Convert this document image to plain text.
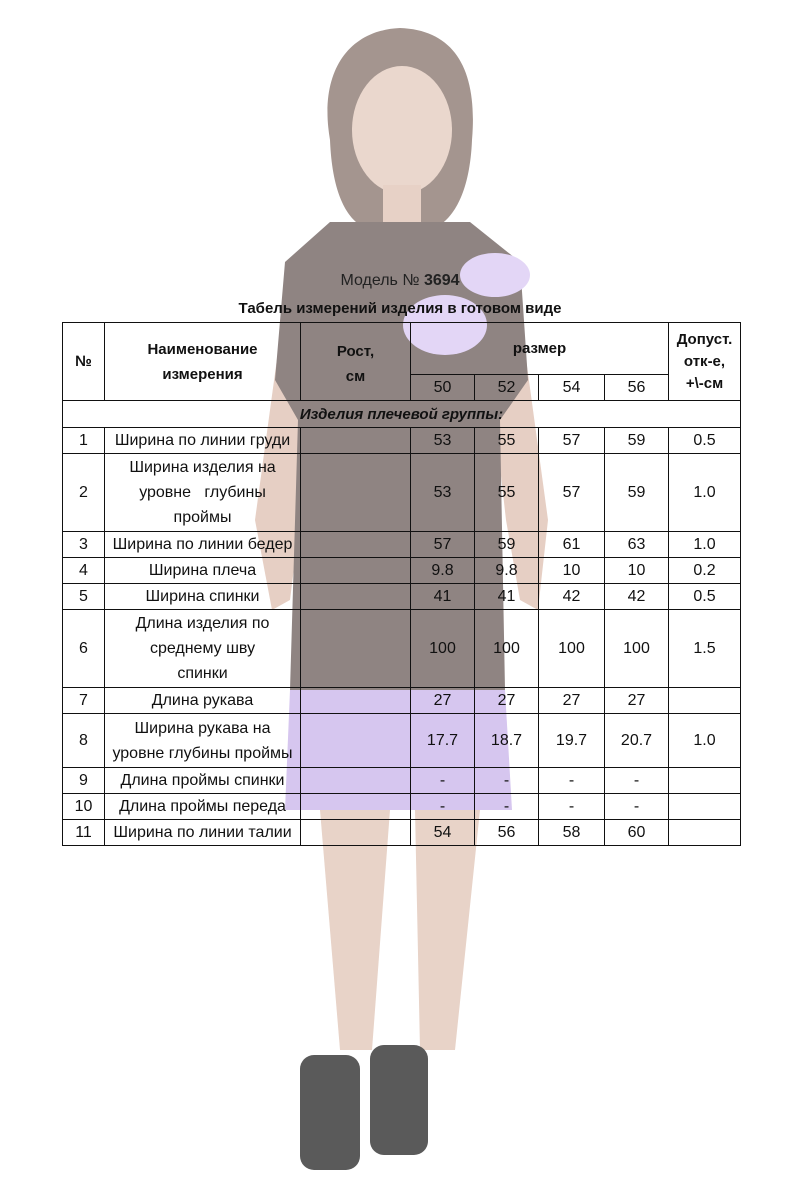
Модель № 3694
Табель измерений изделия в готовом виде
№	Наименование измерения	Рост, см	размер				Допуст. отк-е, +\-см
			50	52	54	56	
Изделия плечевой группы:							
1	Ширина по линии груди		53	55	57	59	0.5
2	Ширина изделия на уровне   глубины проймы		53	55	57	59	1.0
3	Ширина по линии бедер		57	59	61	63	1.0
4	Ширина плеча		9.8	9.8	10	10	0.2
5	Ширина спинки		41	41	42	42	0.5
6	Длина изделия по среднему шву спинки		100	100	100	100	1.5
7	Длина рукава		27	27	27	27	
8	Ширина рукава на уровне глубины проймы		17.7	18.7	19.7	20.7	1.0
9	Длина проймы спинки		-	-	-	-	
10	Длина проймы переда		-	-	-	-	
11	Ширина по линии талии		54	56	58	60	
